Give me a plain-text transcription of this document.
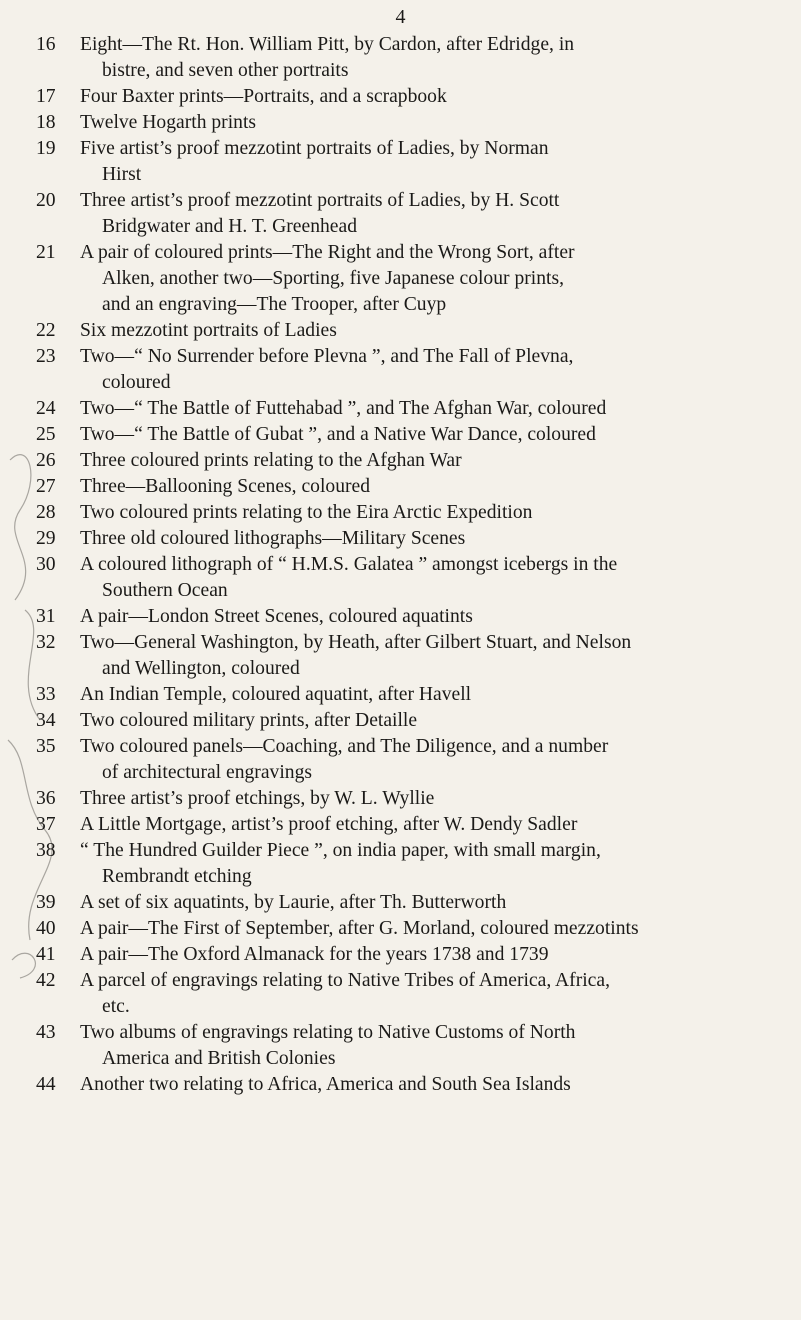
4
16	Eight—The Rt. Hon. William Pitt, by Cardon, after Edridge, in

bistre, and seven other portraits
17	Four Baxter prints—Portraits, and a scrapbook
18	Twelve Hogarth prints
19	Five artist’s proof mezzotint portraits of Ladies, by Norman

Hirst
20	Three artist’s proof mezzotint portraits of Ladies, by H. Scott

Bridgwater and H. T. Greenhead
21	A pair of coloured prints—The Right and the Wrong Sort, after

Alken, another two—Sporting, five Japanese colour prints,
and an engraving—The Trooper, after Cuyp
22	Six mezzotint portraits of Ladies
23	Two—“ No Surrender before Plevna ”, and The Fall of Plevna,

coloured
24	Two—“ The Battle of Futtehabad ”, and The Afghan War, coloured
25	Two—“ The Battle of Gubat ”, and a Native War Dance, coloured
26	Three coloured prints relating to the Afghan War
27	Three—Ballooning Scenes, coloured
28	Two coloured prints relating to the Eira Arctic Expedition
29	Three old coloured lithographs—Military Scenes
30	A coloured lithograph of “ H.M.S. Galatea ” amongst icebergs in the

Southern Ocean
31	A pair—London Street Scenes, coloured aquatints
32	Two—General Washington, by Heath, after Gilbert Stuart, and Nelson

and Wellington, coloured
33	An Indian Temple, coloured aquatint, after Havell
34	Two coloured military prints, after Detaille
35	Two coloured panels—Coaching, and The Diligence, and a number

of architectural engravings
36	Three artist’s proof etchings, by W. L. Wyllie
37	A Little Mortgage, artist’s proof etching, after W. Dendy Sadler
38	“ The Hundred Guilder Piece ”, on india paper, with small margin,

Rembrandt etching
39	A set of six aquatints, by Laurie, after Th. Butterworth
40	A pair—The First of September, after G. Morland, coloured mezzotints
41	A pair—The Oxford Almanack for the years 1738 and 1739
42	A parcel of engravings relating to Native Tribes of America, Africa,

etc.
43	Two albums of engravings relating to Native Customs of North

America and British Colonies
44	Another two relating to Africa, America and South Sea Islands
